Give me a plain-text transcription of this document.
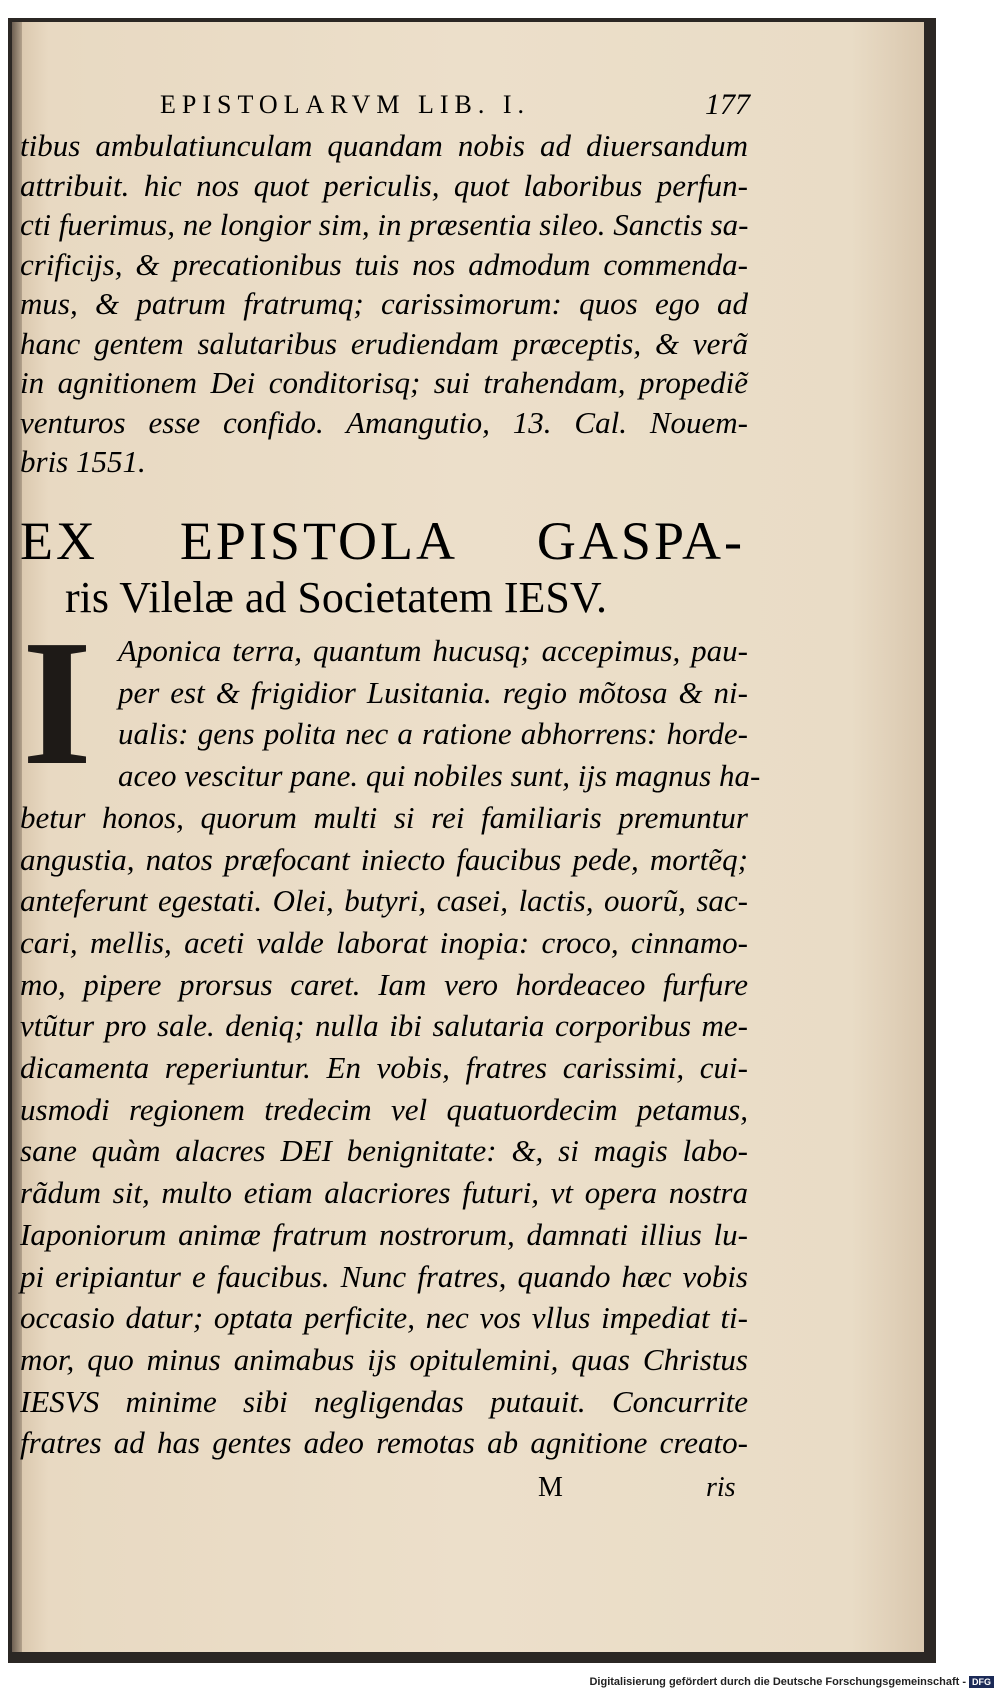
EPISTOLARVM LIB. I.	177
tibus ambulatiunculam quandam nobis ad diuersandum
attribuit. hic nos quot periculis, quot laboribus perfun-
cti fuerimus, ne longior sim, in præsentia sileo. Sanctis sa-
crificijs, & precationibus tuis nos admodum commenda-
mus, & patrum fratrumq; carissimorum: quos ego ad
hanc gentem salutaribus erudiendam præceptis, & verã
in agnitionem Dei conditorisq; sui trahendam, propediẽ
venturos esse confido. Amangutio, 13. Cal. Nouem-
bris 1551.
EX EPISTOLA GASPA-
ris Vilelæ ad Societatem IESV.
I Aponica terra, quantum hucusq; accepimus, pau-
per est & frigidior Lusitania. regio mõtosa & ni-
ualis: gens polita nec a ratione abhorrens: horde-
aceo vescitur pane. qui nobiles sunt, ijs magnus ha-
betur honos, quorum multi si rei familiaris premuntur
angustia, natos præfocant iniecto faucibus pede, mortẽq;
anteferunt egestati. Olei, butyri, casei, lactis, ouorũ, sac-
cari, mellis, aceti valde laborat inopia: croco, cinnamo-
mo, pipere prorsus caret. Iam vero hordeaceo furfure
vtũtur pro sale. deniq; nulla ibi salutaria corporibus me-
dicamenta reperiuntur. En vobis, fratres carissimi, cui-
usmodi regionem tredecim vel quatuordecim petamus,
sane quàm alacres DEI benignitate: &, si magis labo-
rãdum sit, multo etiam alacriores futuri, vt opera nostra
Iaponiorum animæ fratrum nostrorum, damnati illius lu-
pi eripiantur e faucibus. Nunc fratres, quando hæc vobis
occasio datur; optata perficite, nec vos vllus impediat ti-
mor, quo minus animabus ijs opitulemini, quas Christus
IESVS minime sibi negligendas putauit. Concurrite
fratres ad has gentes adeo remotas ab agnitione creato-
M	ris
Digitalisierung gefördert durch die Deutsche Forschungsgemeinschaft - DFG
